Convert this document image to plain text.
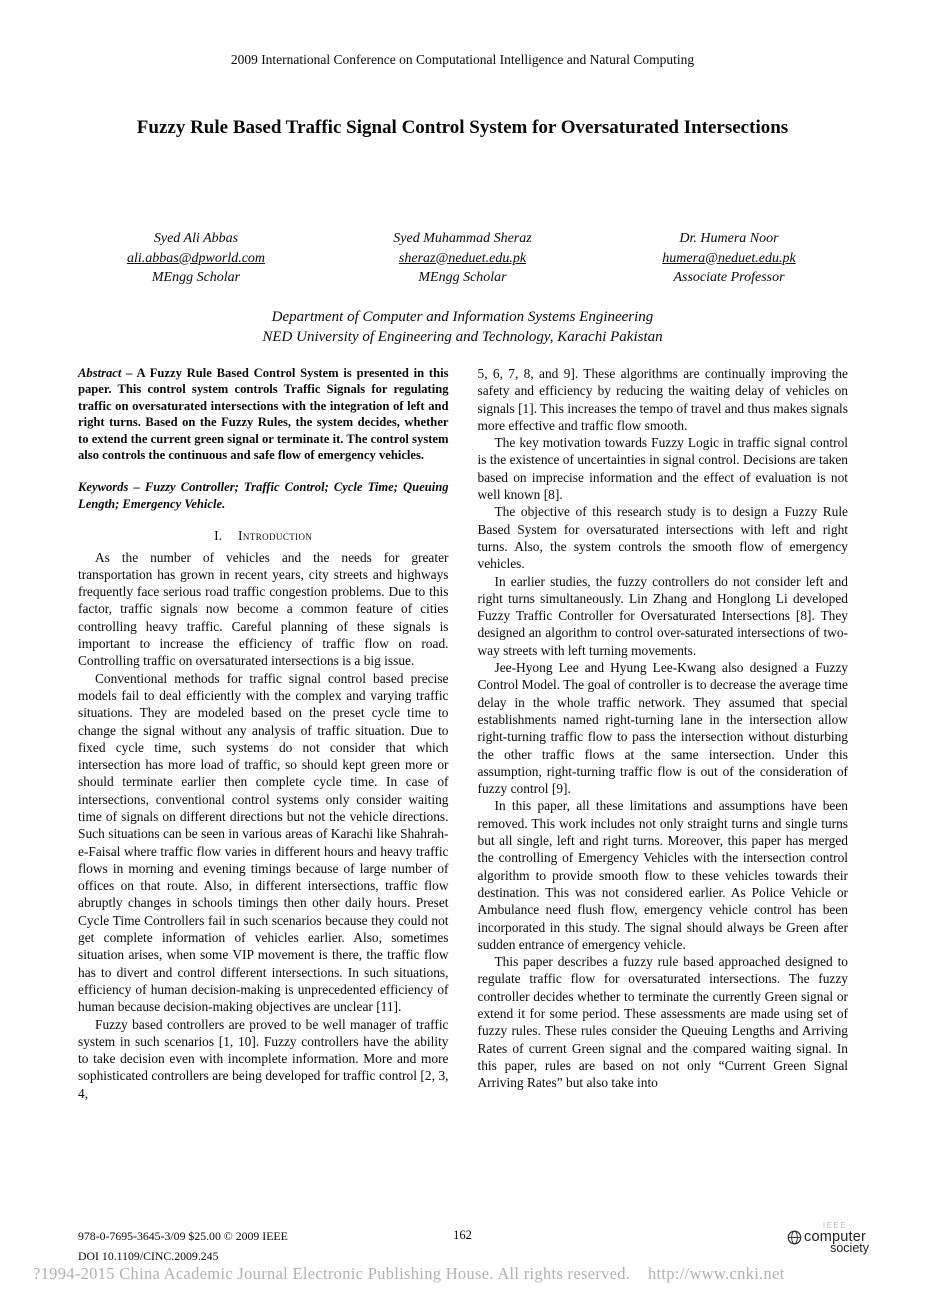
2009 International Conference on Computational Intelligence and Natural Computing
Fuzzy Rule Based Traffic Signal Control System for Oversaturated Intersections
Syed Ali Abbas
ali.abbas@dpworld.com
MEngg Scholar
Syed Muhammad Sheraz
sheraz@neduet.edu.pk
MEngg Scholar
Dr. Humera Noor
humera@neduet.edu.pk
Associate Professor
Department of Computer and Information Systems Engineering
NED University of Engineering and Technology, Karachi Pakistan

Abstract – A Fuzzy Rule Based Control System is presented in this paper. This control system controls Traffic Signals for regulating traffic on oversaturated intersections with the integration of left and right turns. Based on the Fuzzy Rules, the system decides, whether to extend the current green signal or terminate it. The control system also controls the continuous and safe flow of emergency vehicles.

Keywords – Fuzzy Controller; Traffic Control; Cycle Time; Queuing Length; Emergency Vehicle.

I. Introduction

As the number of vehicles and the needs for greater transportation has grown in recent years, city streets and highways frequently face serious road traffic congestion problems. Due to this factor, traffic signals now become a common feature of cities controlling heavy traffic. Careful planning of these signals is important to increase the efficiency of traffic flow on road. Controlling traffic on oversaturated intersections is a big issue.

Conventional methods for traffic signal control based precise models fail to deal efficiently with the complex and varying traffic situations. They are modeled based on the preset cycle time to change the signal without any analysis of traffic situation. Due to fixed cycle time, such systems do not consider that which intersection has more load of traffic, so should kept green more or should terminate earlier then complete cycle time. In case of intersections, conventional control systems only consider waiting time of signals on different directions but not the vehicle directions. Such situations can be seen in various areas of Karachi like Shahrah-e-Faisal where traffic flow varies in different hours and heavy traffic flows in morning and evening timings because of large number of offices on that route. Also, in different intersections, traffic flow abruptly changes in schools timings then other daily hours. Preset Cycle Time Controllers fail in such scenarios because they could not get complete information of vehicles earlier. Also, sometimes situation arises, when some VIP movement is there, the traffic flow has to divert and control different intersections. In such situations, efficiency of human decision-making is unprecedented efficiency of human because decision-making objectives are unclear [11].

Fuzzy based controllers are proved to be well manager of traffic system in such scenarios [1, 10]. Fuzzy controllers have the ability to take decision even with incomplete information. More and more sophisticated controllers are being developed for traffic control [2, 3, 4,

5, 6, 7, 8, and 9]. These algorithms are continually improving the safety and efficiency by reducing the waiting delay of vehicles on signals [1]. This increases the tempo of travel and thus makes signals more effective and traffic flow smooth.

The key motivation towards Fuzzy Logic in traffic signal control is the existence of uncertainties in signal control. Decisions are taken based on imprecise information and the effect of evaluation is not well known [8].

The objective of this research study is to design a Fuzzy Rule Based System for oversaturated intersections with left and right turns. Also, the system controls the smooth flow of emergency vehicles.

In earlier studies, the fuzzy controllers do not consider left and right turns simultaneously. Lin Zhang and Honglong Li developed Fuzzy Traffic Controller for Oversaturated Intersections [8]. They designed an algorithm to control over-saturated intersections of two-way streets with left turning movements.

Jee-Hyong Lee and Hyung Lee-Kwang also designed a Fuzzy Control Model. The goal of controller is to decrease the average time delay in the whole traffic network. They assumed that special establishments named right-turning lane in the intersection allow right-turning traffic flow to pass the intersection without disturbing the other traffic flows at the same intersection. Under this assumption, right-turning traffic flow is out of the consideration of fuzzy control [9].

In this paper, all these limitations and assumptions have been removed. This work includes not only straight turns and single turns but all single, left and right turns. Moreover, this paper has merged the controlling of Emergency Vehicles with the intersection control algorithm to provide smooth flow to these vehicles towards their destination. This was not considered earlier. As Police Vehicle or Ambulance need flush flow, emergency vehicle control has been incorporated in this study. The signal should always be Green after sudden entrance of emergency vehicle.

This paper describes a fuzzy rule based approached designed to regulate traffic flow for oversaturated intersections. The fuzzy controller decides whether to terminate the currently Green signal or extend it for some period. These assessments are made using set of fuzzy rules. These rules consider the Queuing Lengths and Arriving Rates of current Green signal and the compared waiting signal. In this paper, rules are based on not only “Current Green Signal Arriving Rates” but also take into

978-0-7695-3645-3/09 $25.00 © 2009 IEEE
DOI 10.1109/CINC.2009.245
162
IEEE
computer
society
?1994-2015 China Academic Journal Electronic Publishing House. All rights reserved.    http://www.cnki.net
